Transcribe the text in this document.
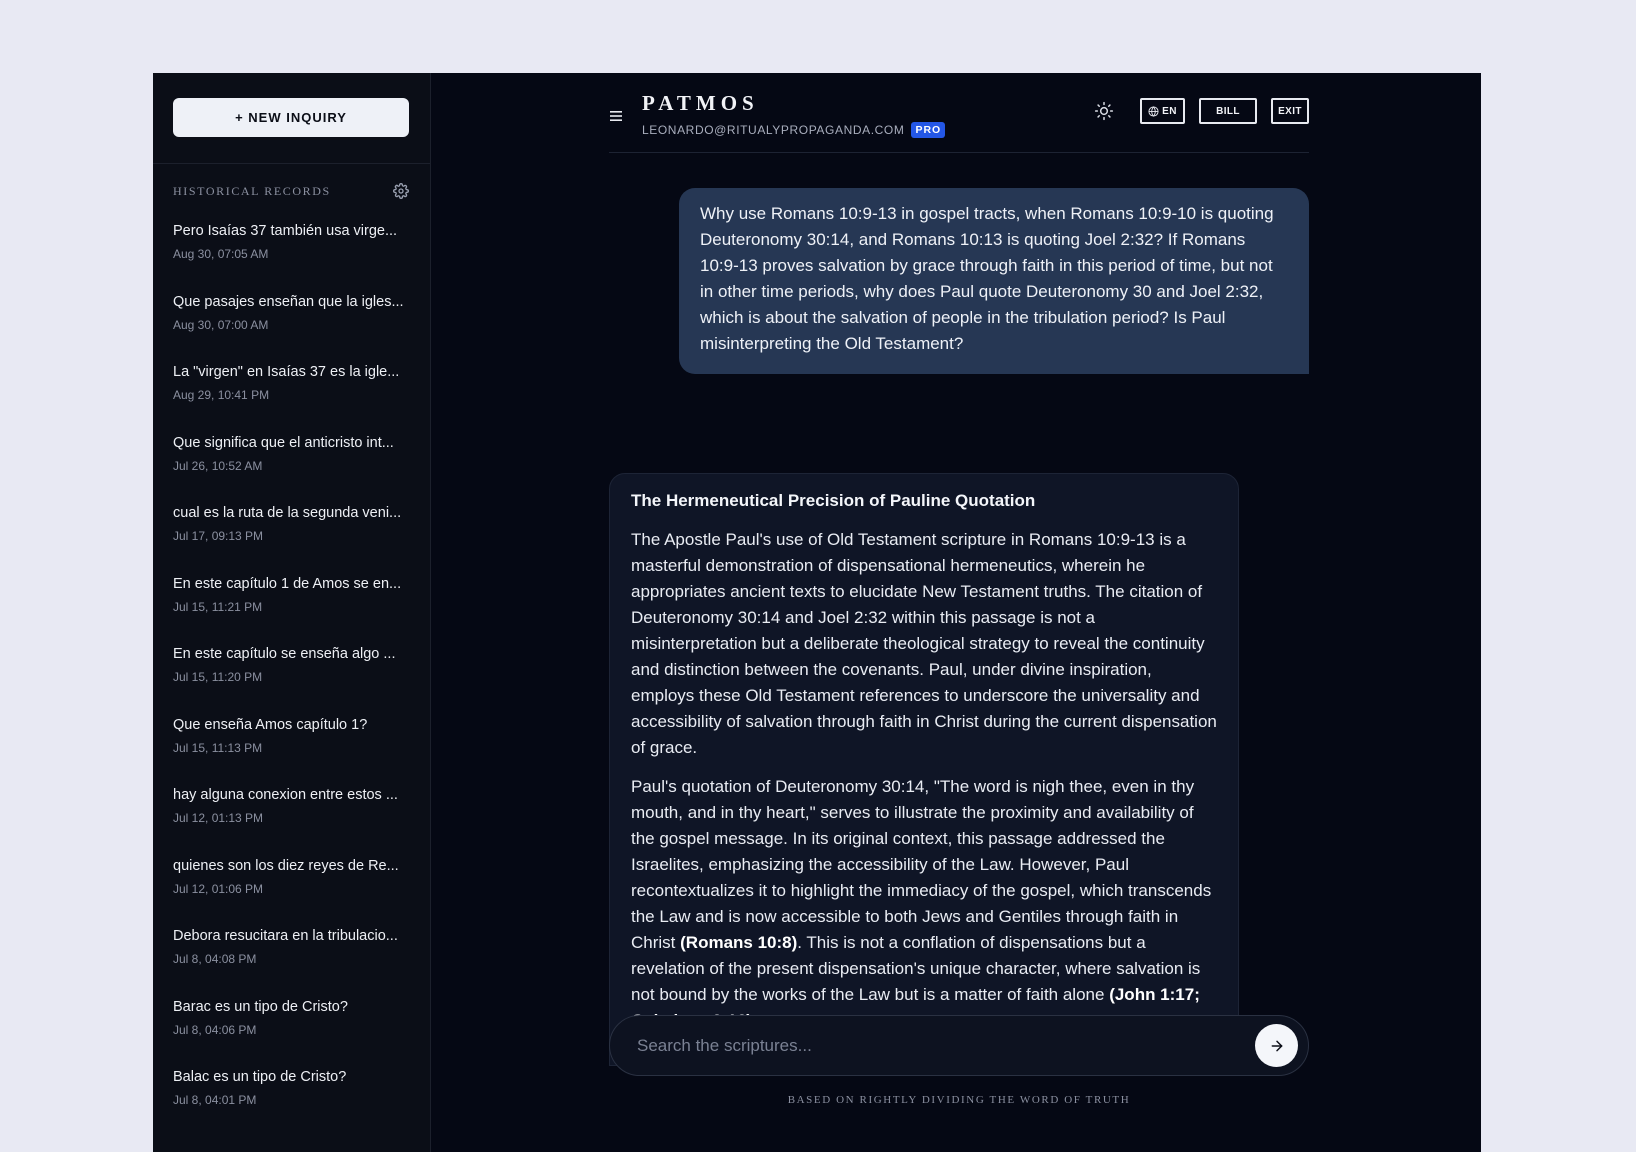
+ NEW INQUIRY
HISTORICAL RECORDS
Pero Isaías 37 también usa virge...
Aug 30, 07:05 AM
Que pasajes enseñan que la igles...
Aug 30, 07:00 AM
La "virgen" en Isaías 37 es la igle...
Aug 29, 10:41 PM
Que significa que el anticristo int...
Jul 26, 10:52 AM
cual es la ruta de la segunda veni...
Jul 17, 09:13 PM
En este capítulo 1 de Amos se en...
Jul 15, 11:21 PM
En este capítulo se enseña algo ...
Jul 15, 11:20 PM
Que enseña Amos capítulo 1?
Jul 15, 11:13 PM
hay alguna conexion entre estos ...
Jul 12, 01:13 PM
quienes son los diez reyes de Re...
Jul 12, 01:06 PM
Debora resucitara en la tribulacio...
Jul 8, 04:08 PM
Barac es un tipo de Cristo?
Jul 8, 04:06 PM
Balac es un tipo de Cristo?
Jul 8, 04:01 PM
PATMOS
LEONARDO@RITUALYPROPAGANDA.COM	PRO
EN	BILL	EXIT
Why use Romans 10:9-13 in gospel tracts, when Romans 10:9-10 is quoting Deuteronomy 30:14, and Romans 10:13 is quoting Joel 2:32? If Romans 10:9-13 proves salvation by grace through faith in this period of time, but not in other time periods, why does Paul quote Deuteronomy 30 and Joel 2:32, which is about the salvation of people in the tribulation period? Is Paul misinterpreting the Old Testament?
The Hermeneutical Precision of Pauline Quotation

The Apostle Paul's use of Old Testament scripture in Romans 10:9-13 is a masterful demonstration of dispensational hermeneutics, wherein he appropriates ancient texts to elucidate New Testament truths. The citation of Deuteronomy 30:14 and Joel 2:32 within this passage is not a misinterpretation but a deliberate theological strategy to reveal the continuity and distinction between the covenants. Paul, under divine inspiration, employs these Old Testament references to underscore the universality and accessibility of salvation through faith in Christ during the current dispensation of grace.

Paul's quotation of Deuteronomy 30:14, "The word is nigh thee, even in thy mouth, and in thy heart," serves to illustrate the proximity and availability of the gospel message. In its original context, this passage addressed the Israelites, emphasizing the accessibility of the Law. However, Paul recontextualizes it to highlight the immediacy of the gospel, which transcends the Law and is now accessible to both Jews and Gentiles through faith in Christ (Romans 10:8). This is not a conflation of dispensations but a revelation of the present dispensation's unique character, where salvation is not bound by the works of the Law but is a matter of faith alone (John 1:17;

Search the scriptures...
BASED ON RIGHTLY DIVIDING THE WORD OF TRUTH
